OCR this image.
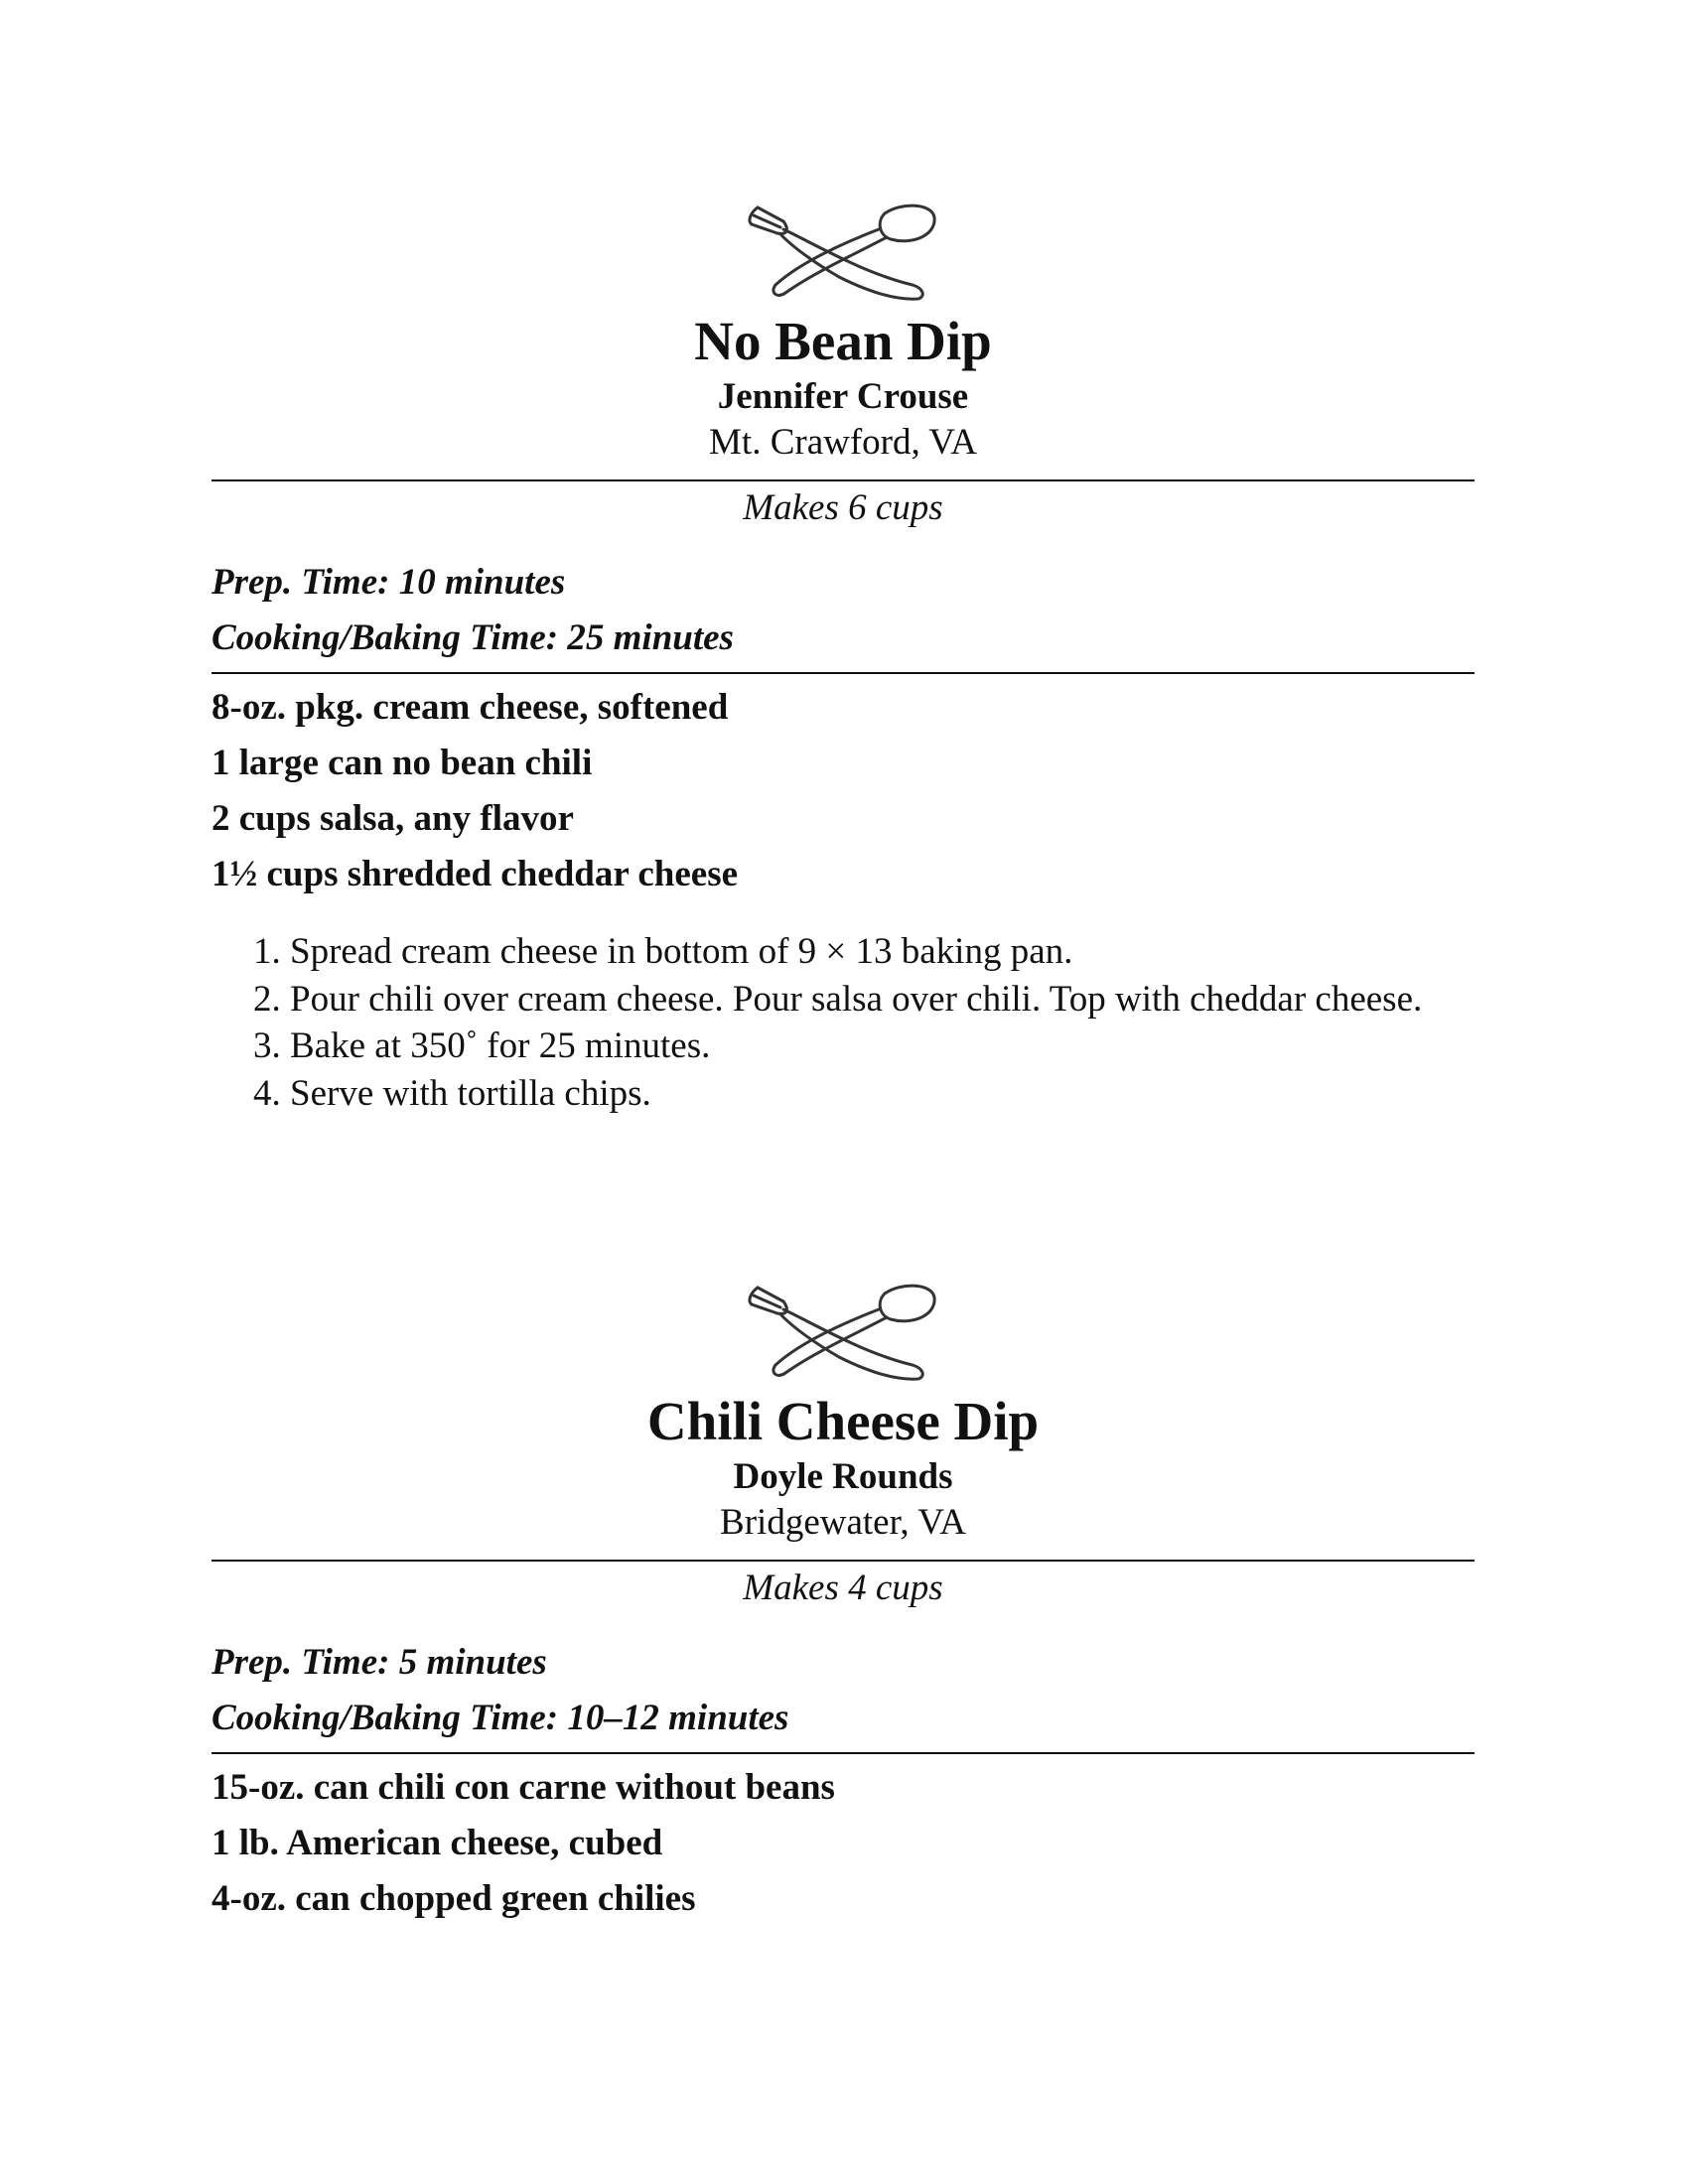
No Bean Dip
Jennifer Crouse
Mt. Crawford, VA
Makes 6 cups
Prep. Time: 10 minutes
Cooking/Baking Time: 25 minutes
8-oz. pkg. cream cheese, softened
1 large can no bean chili
2 cups salsa, any flavor
1½ cups shredded cheddar cheese
1. Spread cream cheese in bottom of 9 × 13 baking pan.
2. Pour chili over cream cheese. Pour salsa over chili. Top with cheddar cheese.
3. Bake at 350˚ for 25 minutes.
4. Serve with tortilla chips.
Chili Cheese Dip
Doyle Rounds
Bridgewater, VA
Makes 4 cups
Prep. Time: 5 minutes
Cooking/Baking Time: 10–12 minutes
15-oz. can chili con carne without beans
1 lb. American cheese, cubed
4-oz. can chopped green chilies
